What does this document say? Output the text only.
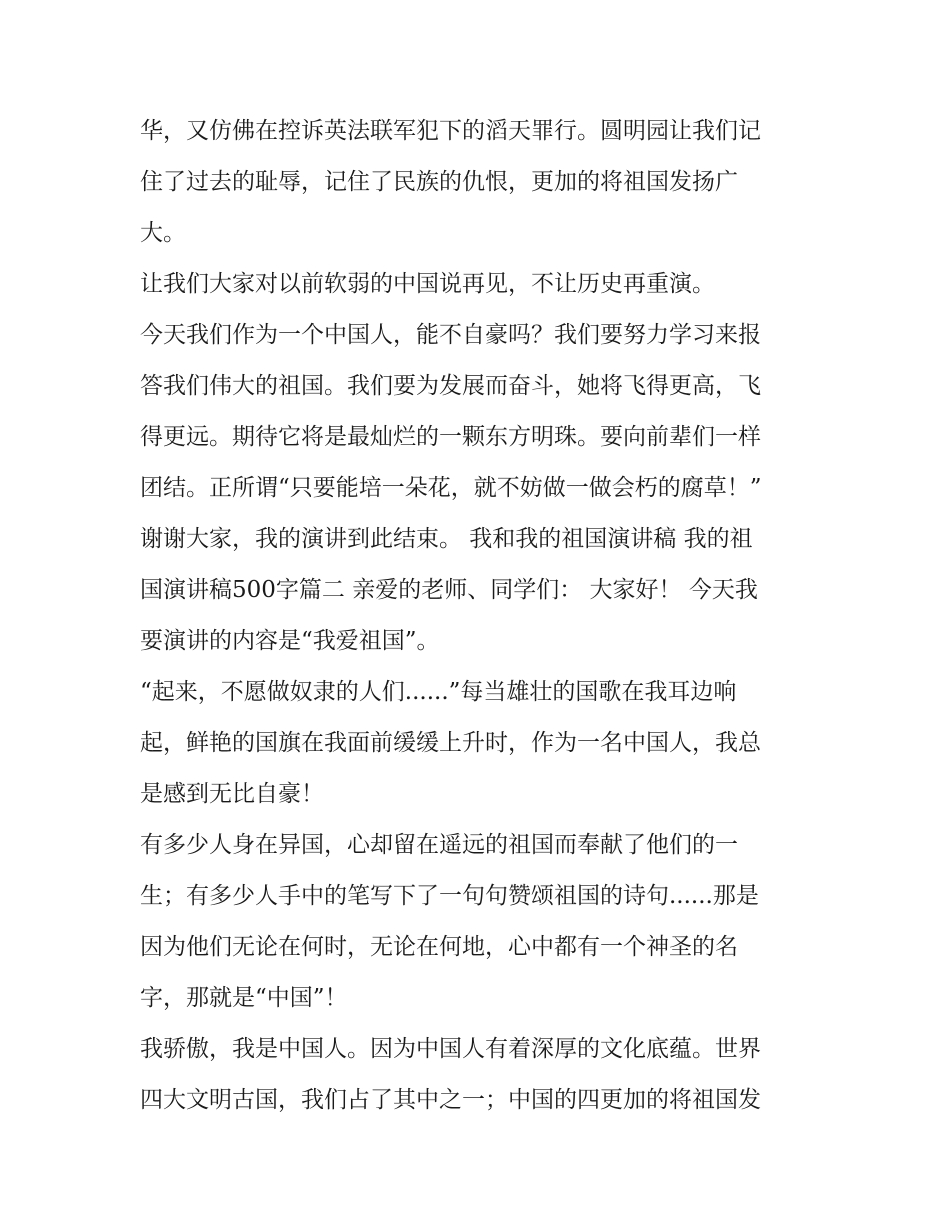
华，又仿佛在控诉英法联军犯下的滔天罪行。圆明园让我们记
住了过去的耻辱，记住了民族的仇恨，更加的将祖国发扬广
大。
让我们大家对以前软弱的中国说再见，不让历史再重演。
今天我们作为一个中国人，能不自豪吗？我们要努力学习来报
答我们伟大的祖国。我们要为发展而奋斗，她将飞得更高，飞
得更远。期待它将是最灿烂的一颗东方明珠。要向前辈们一样
团结。正所谓“只要能培一朵花，就不妨做一做会朽的腐草！”
谢谢大家，我的演讲到此结束。 我和我的祖国演讲稿 我的祖
国演讲稿500字篇二 亲爱的老师、同学们： 大家好！ 今天我
要演讲的内容是“我爱祖国”。
“起来，不愿做奴隶的人们......”每当雄壮的国歌在我耳边响
起，鲜艳的国旗在我面前缓缓上升时，作为一名中国人，我总
是感到无比自豪！
有多少人身在异国，心却留在遥远的祖国而奉献了他们的一
生；有多少人手中的笔写下了一句句赞颂祖国的诗句......那是
因为他们无论在何时，无论在何地，心中都有一个神圣的名
字，那就是“中国”！
我骄傲，我是中国人。因为中国人有着深厚的文化底蕴。世界
四大文明古国，我们占了其中之一；中国的四更加的将祖国发
